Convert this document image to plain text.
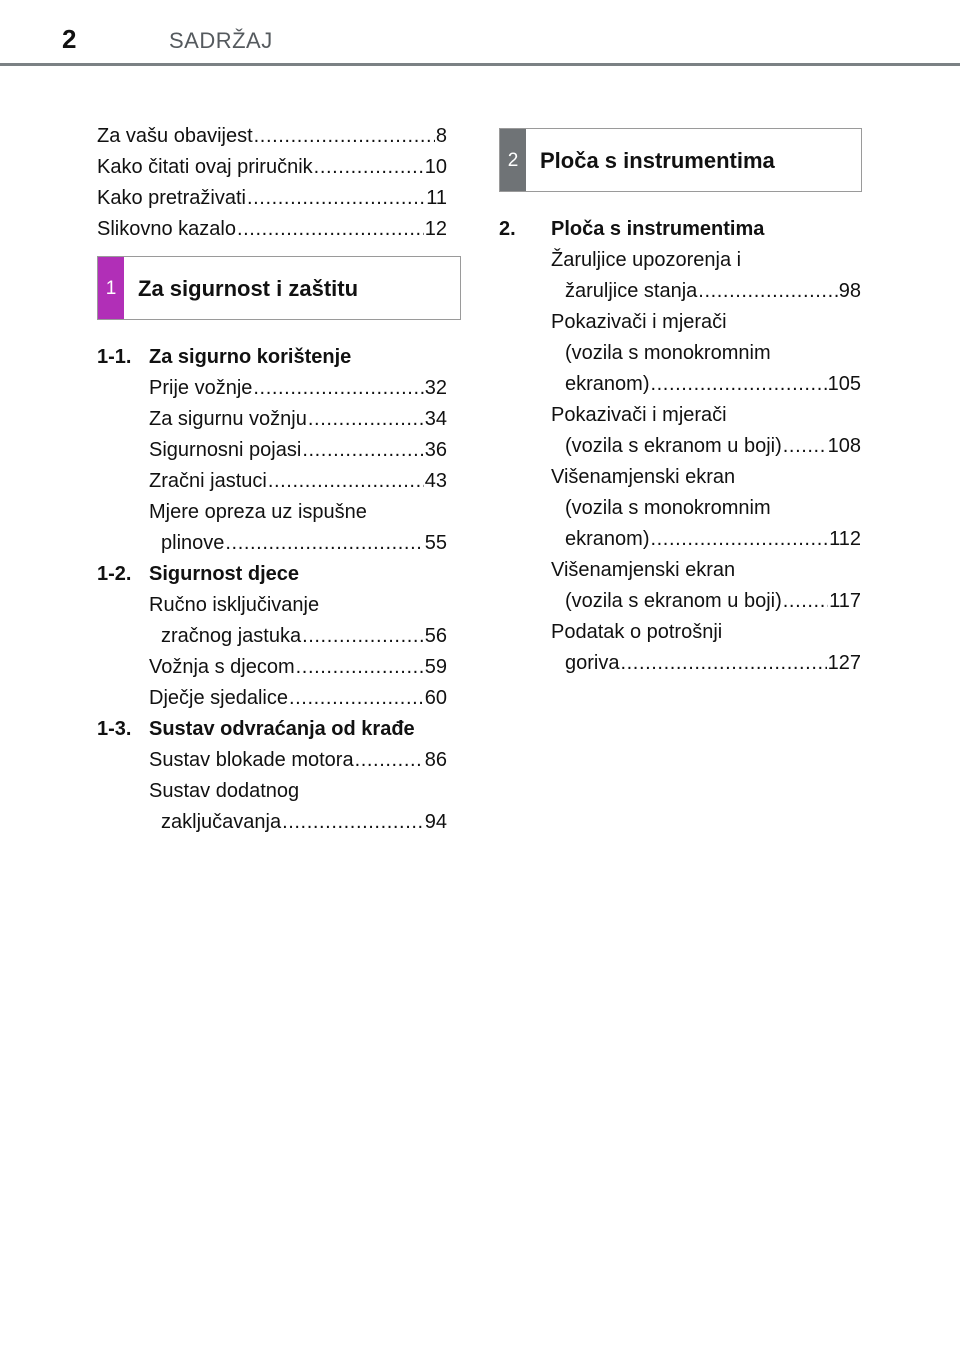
2	SADRŽAJ
Za vašu obavijest .....	8
Kako čitati ovaj priručnik .....	10
Kako pretraživati .....	11
Slikovno kazalo .....	12
1 Za sigurnost i zaštitu
1-1. Za sigurno korištenje
Prije vožnje .....	32
Za sigurnu vožnju .....	34
Sigurnosni pojasi .....	36
Zračni jastuci .....	43
Mjere opreza uz ispušne
plinove .....	55
1-2. Sigurnost djece
Ručno isključivanje
zračnog jastuka .....	56
Vožnja s djecom .....	59
Dječje sjedalice .....	60
1-3. Sustav odvraćanja od krađe
Sustav blokade motora .....	86
Sustav dodatnog
zaključavanja .....	94
2 Ploča s instrumentima
2.	Ploča s instrumentima
Žaruljice upozorenja i
žaruljice stanja .....	98
Pokazivači i mjerači
(vozila s monokromnim
ekranom) .....	105
Pokazivači i mjerači
(vozila s ekranom u boji) ..... 108
Višenamjenski ekran
(vozila s monokromnim
ekranom) .....	112
Višenamjenski ekran
(vozila s ekranom u boji) ..... 117
Podatak o potrošnji
goriva .....	127
